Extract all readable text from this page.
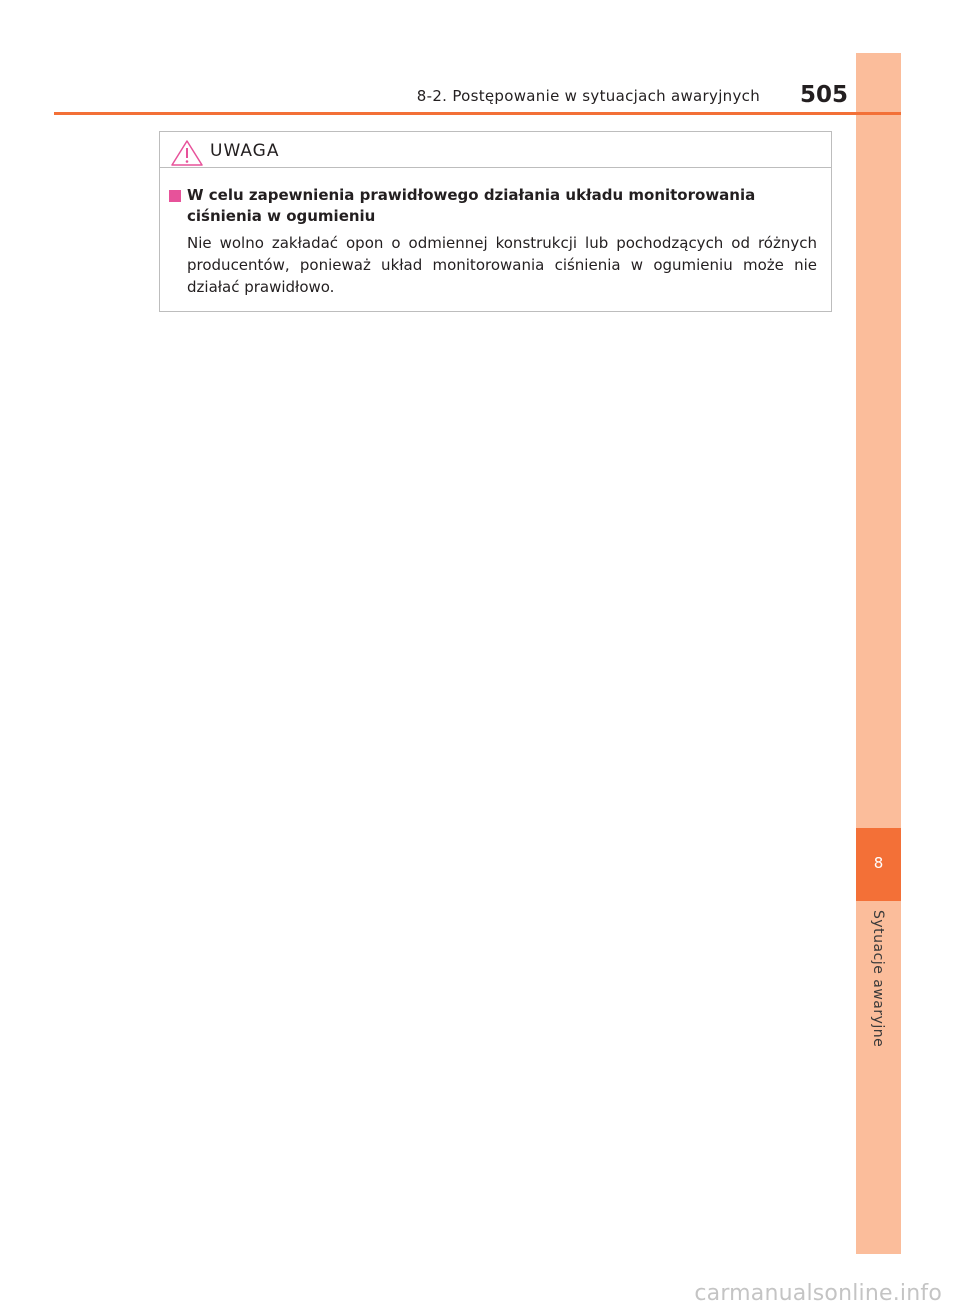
8
Sytuacje awaryjne
8-2. Postępowanie w sytuacjach awaryjnych 505
UWAGA

W celu zapewnienia prawidłowego działania układu monitorowania ciśnienia w ogumieniu

Nie wolno zakładać opon o odmiennej konstrukcji lub pochodzących od różnych producentów, ponieważ układ monitorowania ciśnienia w ogumieniu może nie działać prawidłowo.

carmanualsonline.info
